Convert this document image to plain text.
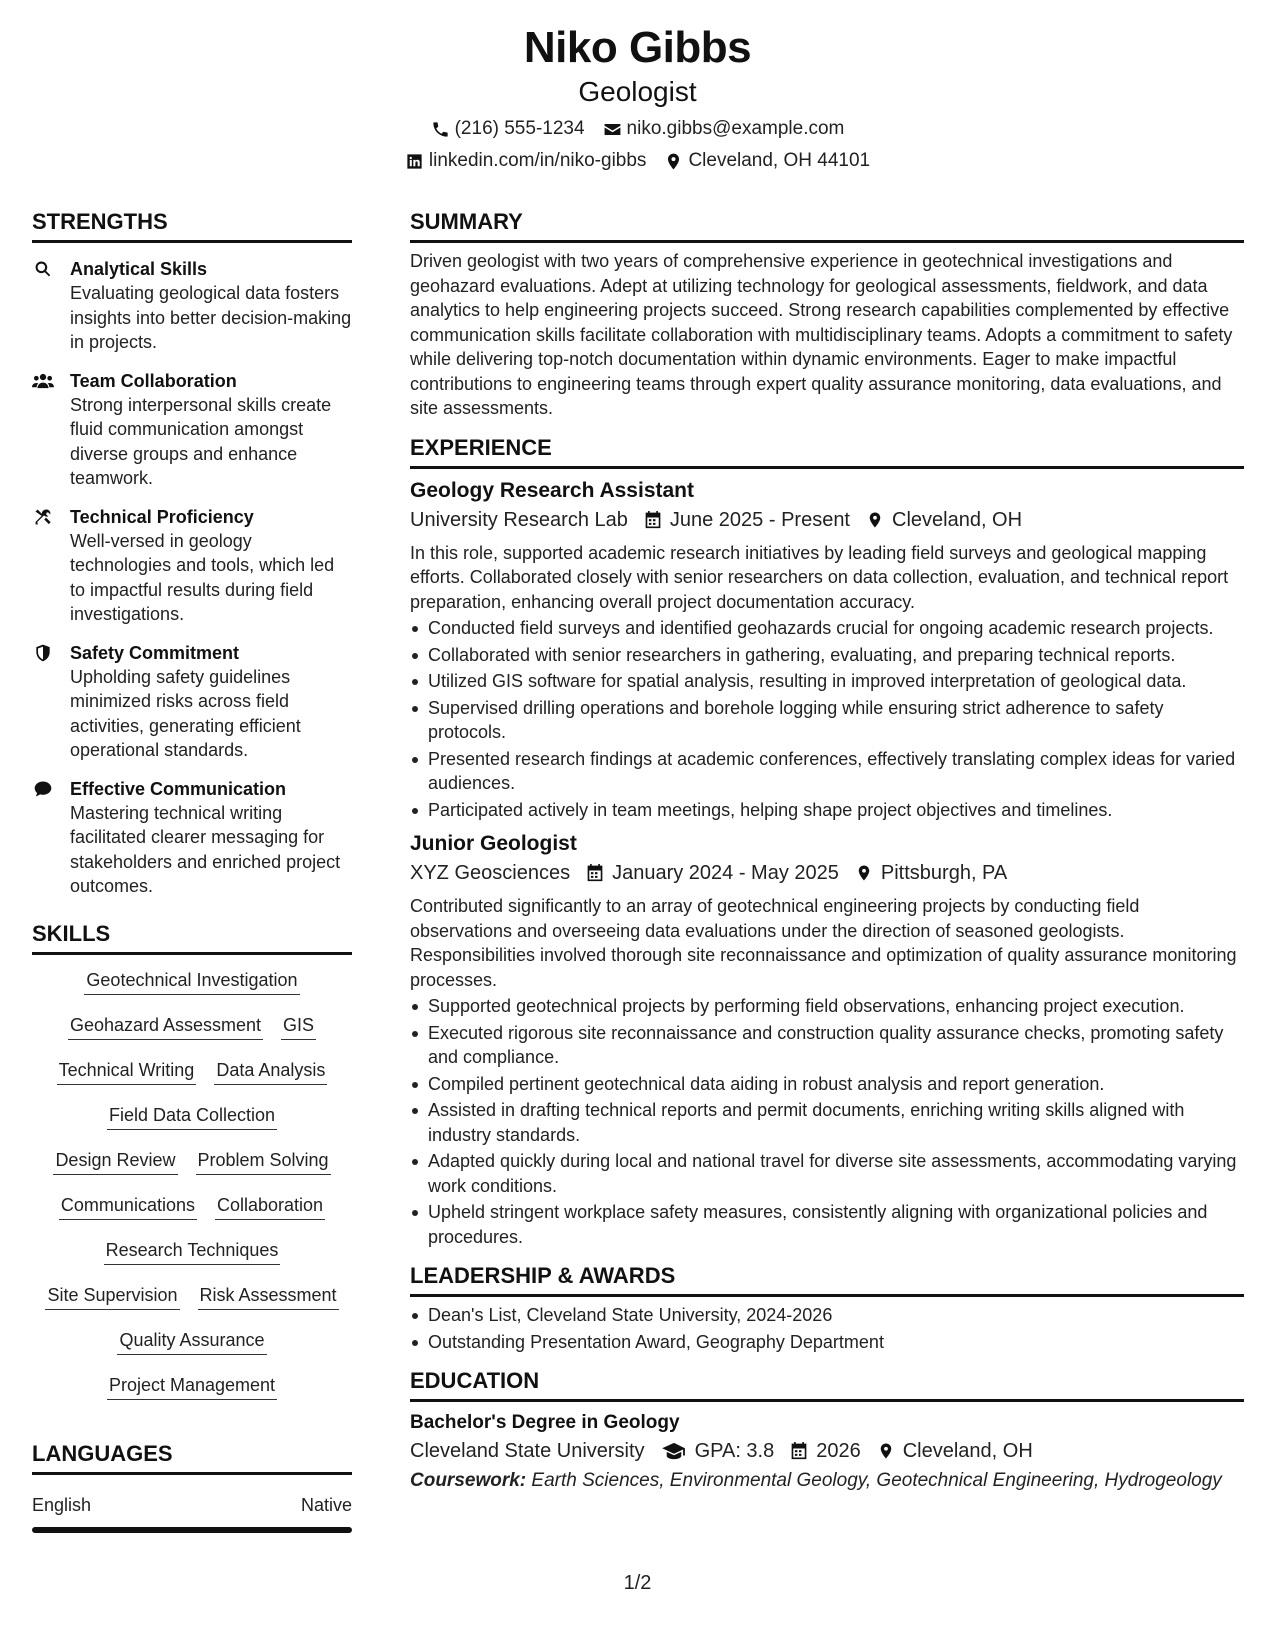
Niko Gibbs
Geologist
(216) 555-1234 niko.gibbs@example.com
linkedin.com/in/niko-gibbs Cleveland, OH 44101
STRENGTHS
Analytical Skills
Evaluating geological data fosters insights into better decision-making in projects.
Team Collaboration
Strong interpersonal skills create fluid communication amongst diverse groups and enhance teamwork.
Technical Proficiency
Well-versed in geology technologies and tools, which led to impactful results during field investigations.
Safety Commitment
Upholding safety guidelines minimized risks across field activities, generating efficient operational standards.
Effective Communication
Mastering technical writing facilitated clearer messaging for stakeholders and enriched project outcomes.
SKILLS
Geotechnical Investigation
Geohazard Assessment GIS
Technical Writing Data Analysis
Field Data Collection
Design Review Problem Solving
Communications Collaboration
Research Techniques
Site Supervision Risk Assessment
Quality Assurance
Project Management
LANGUAGES
English	Native
SUMMARY
Driven geologist with two years of comprehensive experience in geotechnical investigations and geohazard evaluations. Adept at utilizing technology for geological assessments, fieldwork, and data analytics to help engineering projects succeed. Strong research capabilities complemented by effective communication skills facilitate collaboration with multidisciplinary teams. Adopts a commitment to safety while delivering top-notch documentation within dynamic environments. Eager to make impactful contributions to engineering teams through expert quality assurance monitoring, data evaluations, and site assessments.
EXPERIENCE
Geology Research Assistant
University Research Lab June 2025 - Present Cleveland, OH
In this role, supported academic research initiatives by leading field surveys and geological mapping efforts. Collaborated closely with senior researchers on data collection, evaluation, and technical report preparation, enhancing overall project documentation accuracy.
Conducted field surveys and identified geohazards crucial for ongoing academic research projects.
Collaborated with senior researchers in gathering, evaluating, and preparing technical reports.
Utilized GIS software for spatial analysis, resulting in improved interpretation of geological data.
Supervised drilling operations and borehole logging while ensuring strict adherence to safety protocols.
Presented research findings at academic conferences, effectively translating complex ideas for varied audiences.
Participated actively in team meetings, helping shape project objectives and timelines.
Junior Geologist
XYZ Geosciences January 2024 - May 2025 Pittsburgh, PA
Contributed significantly to an array of geotechnical engineering projects by conducting field observations and overseeing data evaluations under the direction of seasoned geologists. Responsibilities involved thorough site reconnaissance and optimization of quality assurance monitoring processes.
Supported geotechnical projects by performing field observations, enhancing project execution.
Executed rigorous site reconnaissance and construction quality assurance checks, promoting safety and compliance.
Compiled pertinent geotechnical data aiding in robust analysis and report generation.
Assisted in drafting technical reports and permit documents, enriching writing skills aligned with industry standards.
Adapted quickly during local and national travel for diverse site assessments, accommodating varying work conditions.
Upheld stringent workplace safety measures, consistently aligning with organizational policies and procedures.
LEADERSHIP & AWARDS
Dean's List, Cleveland State University, 2024-2026
Outstanding Presentation Award, Geography Department
EDUCATION
Bachelor's Degree in Geology
Cleveland State University	GPA: 3.8 2026 Cleveland, OH
Coursework: Earth Sciences, Environmental Geology, Geotechnical Engineering, Hydrogeology
1/2
